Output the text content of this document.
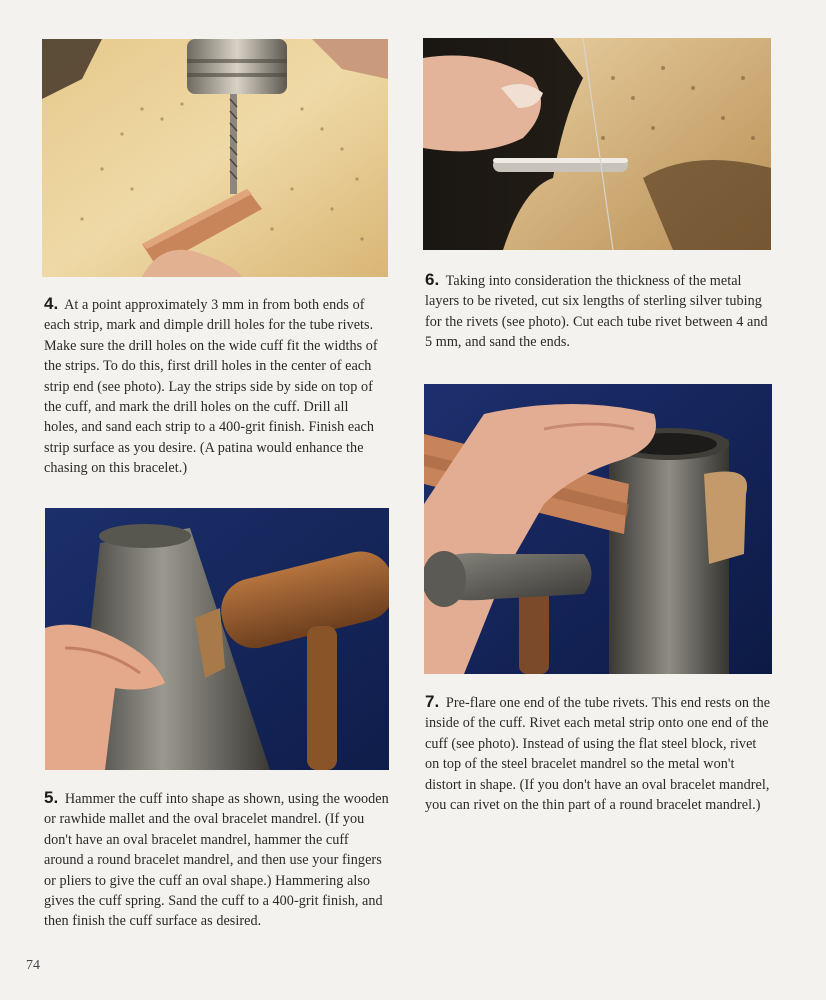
4. At a point approximately 3 mm in from both ends of each strip, mark and dimple drill holes for the tube rivets. Make sure the drill holes on the wide cuff fit the widths of the strips. To do this, first drill holes in the center of each strip end (see photo). Lay the strips side by side on top of the cuff, and mark the drill holes on the cuff. Drill all holes, and sand each strip to a 400-grit finish. Finish each strip surface as you desire. (A patina would enhance the chasing on this bracelet.)

5. Hammer the cuff into shape as shown, using the wooden or rawhide mallet and the oval bracelet mandrel. (If you don't have an oval bracelet mandrel, hammer the cuff around a round bracelet mandrel, and then use your fingers or pliers to give the cuff an oval shape.) Hammering also gives the cuff spring. Sand the cuff to a 400-grit finish, and then finish the cuff surface as desired.

6. Taking into consideration the thickness of the metal layers to be riveted, cut six lengths of sterling silver tubing for the rivets (see photo). Cut each tube rivet between 4 and 5 mm, and sand the ends.

7. Pre-flare one end of the tube rivets. This end rests on the inside of the cuff. Rivet each metal strip onto one end of the cuff (see photo). Instead of using the flat steel block, rivet on top of the steel bracelet mandrel so the metal won't distort in shape. (If you don't have an oval bracelet mandrel, you can rivet on the thin part of a round bracelet mandrel.)

74
